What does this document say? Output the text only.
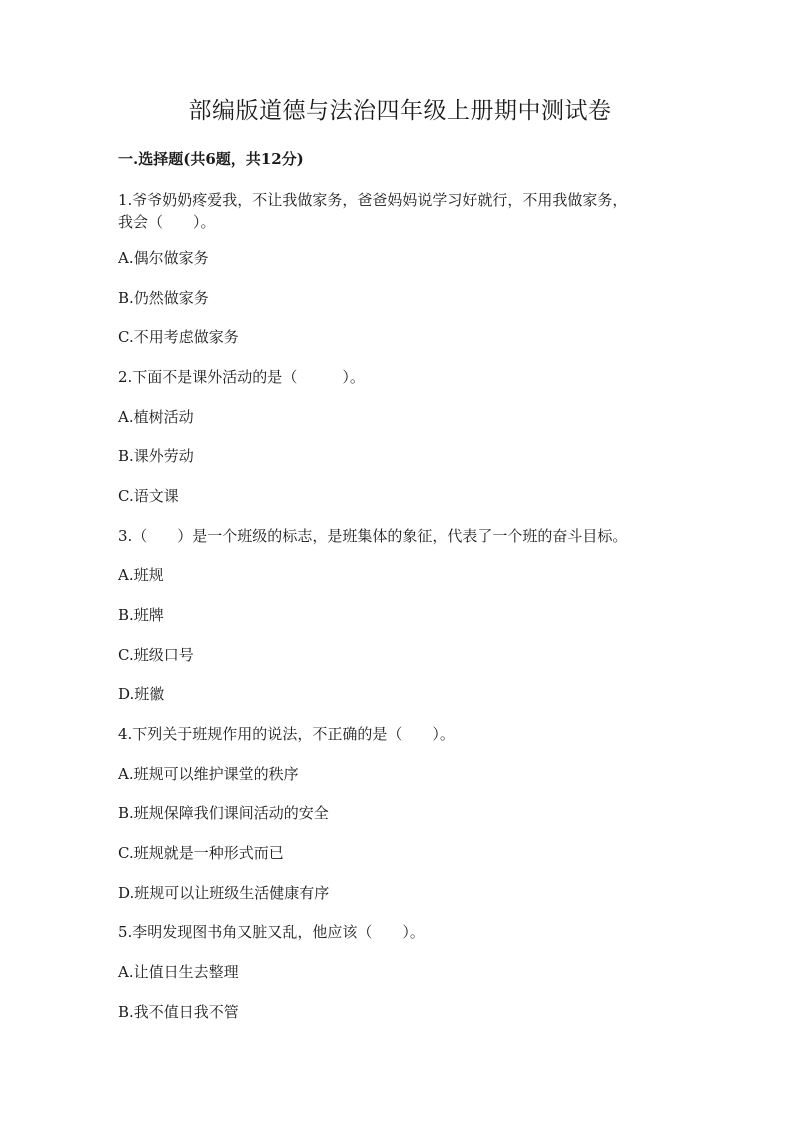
部编版道德与法治四年级上册期中测试卷
一.选择题(共6题，共12分)

1.爷爷奶奶疼爱我，不让我做家务，爸爸妈妈说学习好就行，不用我做家务，

我会（　　）。

A.偶尔做家务

B.仍然做家务

C.不用考虑做家务

2.下面不是课外活动的是（　　　）。

A.植树活动

B.课外劳动

C.语文课

3.（　　）是一个班级的标志，是班集体的象征，代表了一个班的奋斗目标。

A.班规

B.班牌

C.班级口号

D.班徽

4.下列关于班规作用的说法，不正确的是（　　）。

A.班规可以维护课堂的秩序

B.班规保障我们课间活动的安全

C.班规就是一种形式而已

D.班规可以让班级生活健康有序

5.李明发现图书角又脏又乱，他应该（　　）。

A.让值日生去整理

B.我不值日我不管
